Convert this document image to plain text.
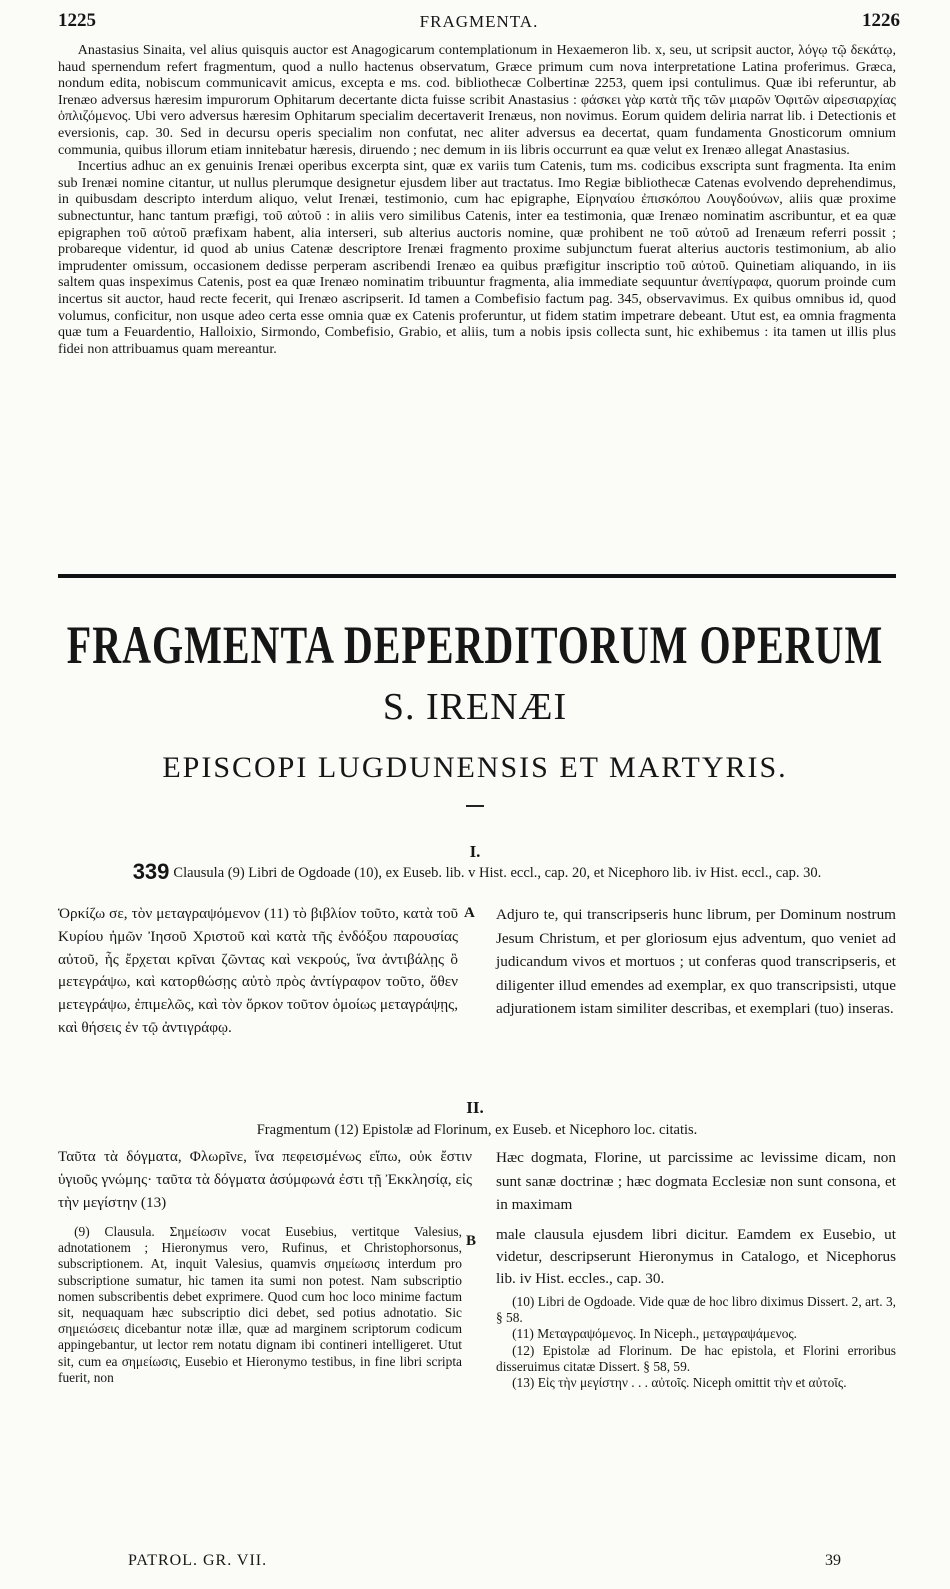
1225	FRAGMENTA.	1226

Anastasius Sinaita, vel alius quisquis auctor est Anagogicarum contemplationum in Hexaemeron lib. x, seu, ut scripsit auctor, λόγῳ τῷ δεκάτῳ, haud spernendum refert fragmentum, quod a nullo hactenus observatum, Græce primum cum nova interpretatione Latina proferimus. Græca, nondum edita, nobiscum communicavit amicus, excepta e ms. cod. bibliothecæ Colbertinæ 2253, quem ipsi contulimus. Quæ ibi referuntur, ab Irenæo adversus hæresim impurorum Ophitarum decertante dicta fuisse scribit Anastasius : φάσκει γὰρ κατὰ τῆς τῶν μιαρῶν Ὀφιτῶν αἱρεσιαρχίας ὁπλιζόμενος. Ubi vero adversus hæresim Ophitarum specialim decertaverit Irenæus, non novimus. Eorum quidem deliria narrat lib. i Detectionis et eversionis, cap. 30. Sed in decursu operis specialim non confutat, nec aliter adversus ea decertat, quam fundamenta Gnosticorum omnium communia, quibus illorum etiam innitebatur hæresis, diruendo ; nec demum in iis libris occurrunt ea quæ velut ex Irenæo allegat Anastasius.

Incertius adhuc an ex genuinis Irenæi operibus excerpta sint, quæ ex variis tum Catenis, tum ms. codicibus exscripta sunt fragmenta. Ita enim sub Irenæi nomine citantur, ut nullus plerumque designetur ejusdem liber aut tractatus. Imo Regiæ bibliothecæ Catenas evolvendo deprehendimus, in quibusdam descripto interdum aliquo, velut Irenæi, testimonio, cum hac epigraphe, Εἰρηναίου ἐπισκόπου Λουγδούνων, aliis quæ proxime subnectuntur, hanc tantum præfigi, τοῦ αὐτοῦ : in aliis vero similibus Catenis, inter ea testimonia, quæ Irenæo nominatim ascribuntur, et ea quæ epigraphen τοῦ αὐτοῦ præfixam habent, alia interseri, sub alterius auctoris nomine, quæ prohibent ne τοῦ αὐτοῦ ad Irenæum referri possit ; probareque videntur, id quod ab unius Catenæ descriptore Irenæi fragmento proxime subjunctum fuerat alterius auctoris testimonium, ab alio imprudenter omissum, occasionem dedisse perperam ascribendi Irenæo ea quibus præfigitur inscriptio τοῦ αὐτοῦ. Quinetiam aliquando, in iis saltem quas inspeximus Catenis, post ea quæ Irenæo nominatim tribuuntur fragmenta, alia immediate sequuntur ἀνεπίγραφα, quorum proinde cum incertus sit auctor, haud recte fecerit, qui Irenæo ascripserit. Id tamen a Combefisio factum pag. 345, observavimus. Ex quibus omnibus id, quod volumus, conficitur, non usque adeo certa esse omnia quæ ex Catenis proferuntur, ut fidem statim impetrare debeant. Utut est, ea omnia fragmenta quæ tum a Feuardentio, Halloixio, Sirmondo, Combefisio, Grabio, et aliis, tum a nobis ipsis collecta sunt, hic exhibemus : ita tamen ut illis plus fidei non attribuamus quam mereantur.

FRAGMENTA DEPERDITORUM OPERUM
S. IRENÆI
EPISCOPI LUGDUNENSIS ET MARTYRIS.
I.
339 Clausula (9) Libri de Ogdoade (10), ex Euseb. lib. v Hist. eccl., cap. 20, et Nicephoro lib. iv Hist. eccl., cap. 30.

Ὁρκίζω σε, τὸν μεταγραψόμενον (11) τὸ βιβλίον τοῦτο, κατὰ τοῦ Κυρίου ἡμῶν Ἰησοῦ Χριστοῦ καὶ κατὰ τῆς ἐνδόξου παρουσίας αὐτοῦ, ἧς ἔρχεται κρῖναι ζῶντας καὶ νεκρούς, ἵνα ἀντιβάλῃς ὃ μετεγράψω, καὶ κατορθώσῃς αὐτὸ πρὸς ἀντίγραφον τοῦτο, ὅθεν μετεγράψω, ἐπιμελῶς, καὶ τὸν ὅρκον τοῦτον ὁμοίως μεταγράψῃς, καὶ θήσεις ἐν τῷ ἀντιγράφῳ.

A Adjuro te, qui transcripseris hunc librum, per Dominum nostrum Jesum Christum, et per gloriosum ejus adventum, quo veniet ad judicandum vivos et mortuos ; ut conferas quod transcripseris, et diligenter illud emendes ad exemplar, ex quo transcripsisti, utque adjurationem istam similiter describas, et exemplari (tuo) inseras.

II.
Fragmentum (12) Epistolæ ad Florinum, ex Euseb. et Nicephoro loc. citatis.

Ταῦτα τὰ δόγματα, Φλωρῖνε, ἵνα πεφεισμένως εἴπω, οὐκ ἔστιν ὑγιοῦς γνώμης· ταῦτα τὰ δόγματα ἀσύμφωνά ἐστι τῇ Ἐκκλησίᾳ, εἰς τὴν μεγίστην (13)

Hæc dogmata, Florine, ut parcissime ac levissime dicam, non sunt sanæ doctrinæ ; hæc dogmata Ecclesiæ non sunt consona, et in maximam

male clausula ejusdem libri dicitur. Eamdem ex Eusebio, ut videtur, descripserunt Hieronymus in Catalogo, et Nicephorus lib. iv Hist. eccles., cap. 30.

B

(9) Clausula. Σημείωσιν vocat Eusebius, vertitque Valesius, adnotationem ; Hieronymus vero, Rufinus, et Christophorsonus, subscriptionem. At, inquit Valesius, quamvis σημείωσις interdum pro subscriptione sumatur, hic tamen ita sumi non potest. Nam subscriptio nomen subscribentis debet exprimere. Quod cum hoc loco minime factum sit, nequaquam hæc subscriptio dici debet, sed potius adnotatio. Sic σημειώσεις dicebantur notæ illæ, quæ ad marginem scriptorum codicum appingebantur, ut lector rem notatu dignam ibi contineri intelligeret. Utut sit, cum ea σημείωσις, Eusebio et Hieronymo testibus, in fine libri scripta fuerit, non

(10) Libri de Ogdoade. Vide quæ de hoc libro diximus Dissert. 2, art. 3, § 58.

(11) Μεταγραψόμενος. In Niceph., μεταγραψάμενος.

(12) Epistolæ ad Florinum. De hac epistola, et Florini erroribus disseruimus citatæ Dissert. § 58, 59.

(13) Εἰς τὴν μεγίστην . . . αὐτοῖς. Niceph omittit τὴν et αὐτοῖς.

PATROL. GR. VII.	39
